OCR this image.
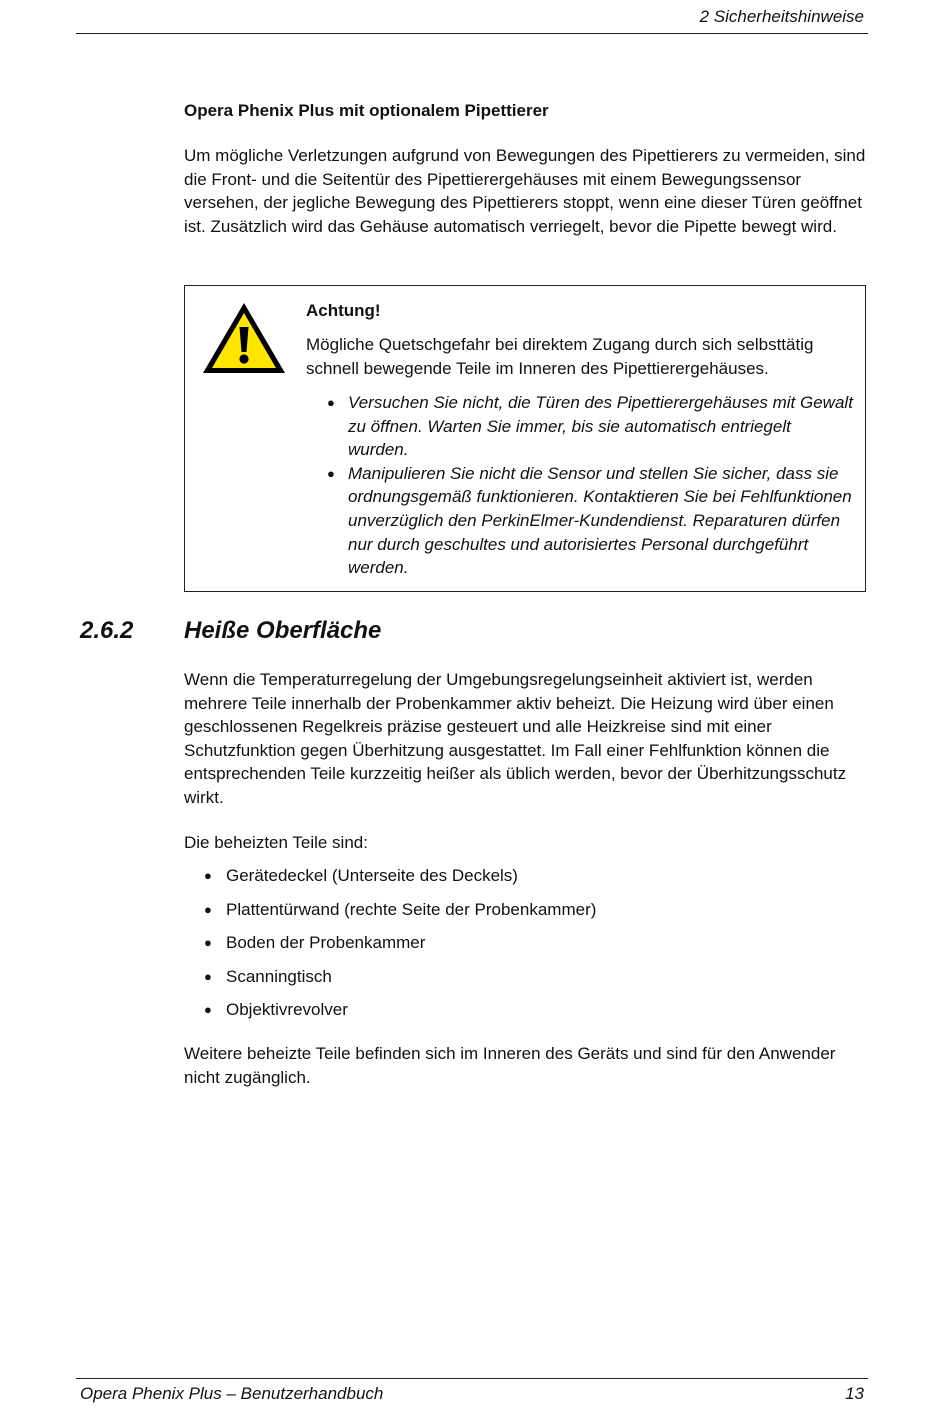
2 Sicherheitshinweise
Opera Phenix Plus mit optionalem Pipettierer
Um mögliche Verletzungen aufgrund von Bewegungen des Pipettierers zu vermeiden, sind die Front- und die Seitentür des Pipettierergehäuses mit einem Bewegungssensor versehen, der jegliche Bewegung des Pipettierers stoppt, wenn eine dieser Türen geöffnet ist. Zusätzlich wird das Gehäuse automatisch verriegelt, bevor die Pipette bewegt wird.
Achtung!
Mögliche Quetschgefahr bei direktem Zugang durch sich selbsttätig schnell bewegende Teile im Inneren des Pipettierergehäuses.
● Versuchen Sie nicht, die Türen des Pipettierergehäuses mit Gewalt zu öffnen. Warten Sie immer, bis sie automatisch entriegelt wurden.
● Manipulieren Sie nicht die Sensor und stellen Sie sicher, dass sie ordnungsgemäß funktionieren. Kontaktieren Sie bei Fehlfunktionen unverzüglich den PerkinElmer-Kundendienst. Reparaturen dürfen nur durch geschultes und autorisiertes Personal durchgeführt werden.
2.6.2 Heiße Oberfläche
Wenn die Temperaturregelung der Umgebungsregelungseinheit aktiviert ist, werden mehrere Teile innerhalb der Probenkammer aktiv beheizt. Die Heizung wird über einen geschlossenen Regelkreis präzise gesteuert und alle Heizkreise sind mit einer Schutzfunktion gegen Überhitzung ausgestattet. Im Fall einer Fehlfunktion können die entsprechenden Teile kurzzeitig heißer als üblich werden, bevor der Überhitzungsschutz wirkt.
Die beheizten Teile sind:
● Gerätedeckel (Unterseite des Deckels)
● Plattentürwand (rechte Seite der Probenkammer)
● Boden der Probenkammer
● Scanningtisch
● Objektivrevolver
Weitere beheizte Teile befinden sich im Inneren des Geräts und sind für den Anwender nicht zugänglich.
Opera Phenix Plus – Benutzerhandbuch	13
